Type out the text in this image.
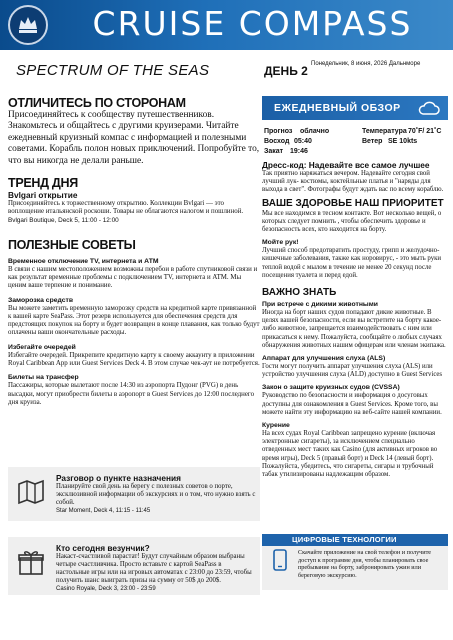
CRUISE COMPASS
SPECTRUM OF THE SEAS	ДЕНЬ 2 Понедельник, 8 июня, 2026 Дальнморе
ОТЛИЧИТЕСЬ ПО СТОРОНАМ
Присоединяйтесь к сообществу путешественников. Знакомьтесь и общайтесь с другими круизерами. Читайте ежедневный круизный компас с информацией и полезными советами. Корабль полон новых приключений. Попробуйте то, что вы никогда не делали раньше.
ТРЕНД ДНЯ
Bvlgari открытие
Присоединяйтесь к торжественному открытию. Коллекции Bvlgari — это воплощение итальянской роскоши. Товары не облагаются налогом и пошлиной.
Bvlgari Boutique, Deck 5, 11:00 - 12:00
ПОЛЕЗНЫЕ СОВЕТЫ
Временное отключение TV, интернета и АТМ
В связи с нашим местоположением возможны перебои в работе спутниковой связи и как результат временные проблемы с подключением TV, интернета и ATM. Мы ценим ваше терпение и понимание.
Заморозка средств
Вы можете заметить временную заморозку средств на кредитной карте привязанной к вашей карте SeaPass. Этот резерв используется для обеспечения средств для предстоящих покупок на борту и будет возвращен в конце плавания, как только будут оплачены ваши окончательные расходы.
Избегайте очередей
Избегайте очередей. Прикрепите кредитную карту к своему аккаунту в приложении Royal Caribbean App или Guest Services Deck 4. В этом случае чек-аут не потребуется.
Билеты на трансфер
Пассажиры, которые вылетают после 14:30 из аэропорта Пудонг (PVG) в день высадки, могут приобрести билеты в аэропорт в Guest Services до 12:00 последнего дня круиза.
Разговор о пункте назначения
Планируйте свой день на берегу с полезных советов о порте, эксклюзивной информации об экскурсиях и о том, что нужно взять с собой.
Star Moment, Deck 4, 11:15 - 11:45
Кто сегодня везунчик?
Накаст-счастливой парастат! Будут случайным образом выбраны четыре счастливчика. Просто вставьте с картой SeaPass в настольные игры или на игровых автоматах с 23:00 до 23:59, чтобы получить шанс выиграть призы на сумму от 50$ до 200$.
Casino Royale, Deck 3, 23:00 - 23:59
ЕЖЕДНЕВНЫЙ ОБЗОР
Прогноз облачно	Температура 70˚F/ 21˚C
Восход 05:40	Ветер SE 10kts
Закат 19:46
Дресс-код: Надевайте все самое лучшее
Так приятно наряжаться вечером. Надевайте сегодня свой лучший лук- костюмы, коктейльные платья и "наряды для выхода в свет". Фотографы будут ждать вас по всему кораблю.
ВАШЕ ЗДОРОВЬЕ НАШ ПРИОРИТЕТ
Мы все находимся в тесном контакте. Вот несколько вещей, о которых следует помнить , чтобы обеспечить здоровье и безопасность всех, кто находится на борту.
Мойте рук!
Лучший способ предотвратить простуду, грипп и желудочно-кишечные заболевания, также как норовирус, - это мыть руки теплой водой с мылом в течение не менее 20 секунд после посещения туалета и перед едой.
ВАЖНО ЗНАТЬ
При встрече с дикими животными
Иногда на борт наших судов попадают дикие животные. В целях вашей безопасности, если вы встретите на борту какое-либо животное, запрещается взаимодействовать с ним или прикасаться к нему. Пожалуйста, сообщайте о любых случаях обнаружения животных нашим офицерам или членам экипажа.
Аппарат для улучшения слуха (ALS)
Гости могут получить аппарат улучшения слуха (ALS) или устройство улучшения слуха (ALD) доступно в Guest Services
Закон о защите круизных судов (CVSSA)
Руководство по безопасности и информация о досуговых доступны для ознакомления в Guest Services. Кроме того, вы можете найти эту информацию на веб-сайте нашей компании.
Курение
На всех судах Royal Caribbean запрещено курение (включая электронные сигареты), за исключением специально отведенных мест таких как Casino (для активных игроков во время игры), Deck 5 (правый борт) и Deck 14 (левый борт). Пожалуйста, убедитесь, что сигареты, сигары и трубочный табак утилизированы надлежащим образом.
ЦИФРОВЫЕ ТЕХНОЛОГИИ
Скачайте приложение на свой телефон и получите доступ к программе дня, чтобы планировать свое пребывание на борту, забронировать ужин или береговую экскурсию.
